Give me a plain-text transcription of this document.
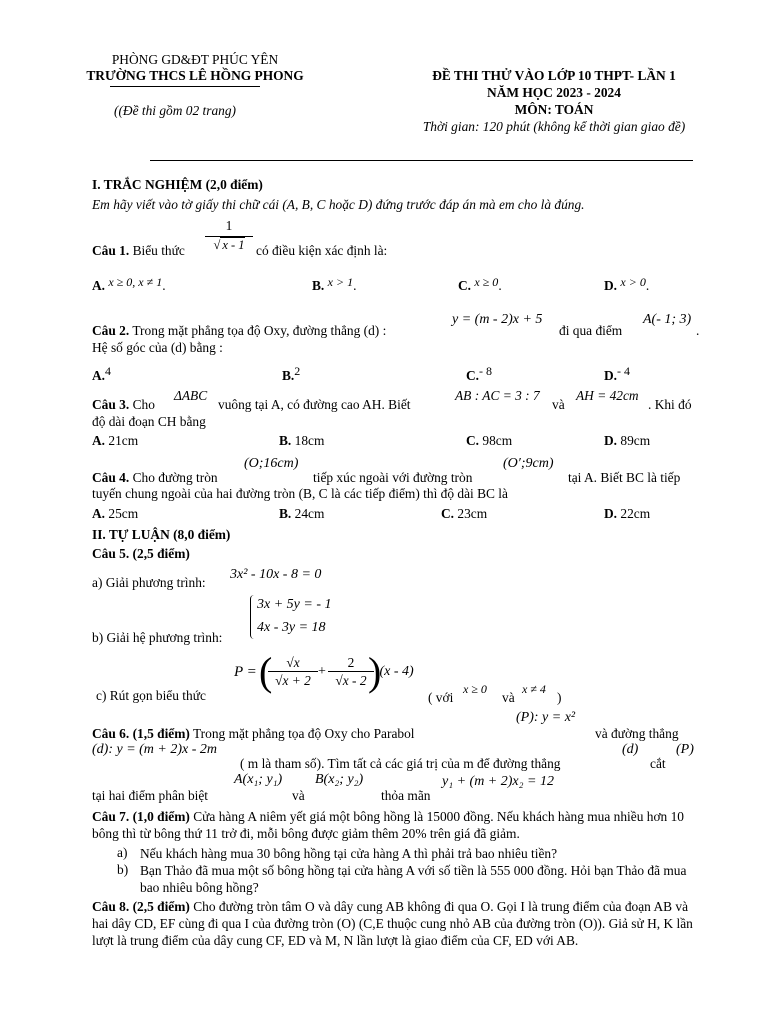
PHÒNG GD&ĐT PHÚC YÊN
TRƯỜNG THCS LÊ HỒNG PHONG
((Đề thi gồm 02 trang)
ĐỀ THI THỬ VÀO LỚP 10 THPT- LẦN 1
NĂM HỌC 2023 - 2024
MÔN: TOÁN
Thời gian: 120 phút (không kể thời gian giao đề)
I. TRẮC NGHIỆM (2,0 điểm)
Em hãy viết vào tờ giấy thi chữ cái (A, B, C hoặc D) đứng trước đáp án mà em cho là đúng.
Câu 1. Biểu thức $\frac{1}{√ x - 1}$ có điều kiện xác định là:
A. x ≥ 0, x ≠ 1.	B. x > 1.	C. x ≥ 0.	D. x > 0.
Câu 2. Trong mặt phẳng tọa độ Oxy, đường thẳng (d) :
y = (m - 2)x + 5
đi qua điểm
A(- 1; 3)
.
Hệ số góc của (d) bằng :
A.4	B.2	C.- 8	D.- 4
Câu 3. Cho
ΔABC
vuông tại A, có đường cao AH. Biết
AB : AC = 3 : 7
và
AH = 42cm
. Khi đó
độ dài đoạn CH bằng
A. 21cm	B. 18cm	C. 98cm	D. 89cm
Câu 4. Cho đường tròn
(O;16cm)
tiếp xúc ngoài với đường tròn
(O′;9cm)
tại A. Biết BC là tiếp
tuyến chung ngoài của hai đường tròn (B, C là các tiếp điểm) thì độ dài BC là
A. 25cm	B. 24cm	C. 23cm	D. 22cm
II. TỰ LUẬN (8,0 điểm)
Câu 5. (2,5 điểm)
a) Giải phương trình:
3x² - 10x - 8 = 0
b) Giải hệ phương trình:
3x + 5y = - 1
4x - 3y = 18
c) Rút gọn biểu thức
P = (
$\frac{√x}{√x + 2} + \frac{2}{√x - 2}$
)
.(x - 4)
( với
x ≥ 0
và
x ≠ 4
)
Câu 6. (1,5 điểm) Trong mặt phẳng tọa độ Oxy cho Parabol
(P): y = x²
và đường thẳng
(d): y = (m + 2)x - 2m
( m là tham số). Tìm tất cả các giá trị của m để đường thẳng
(d)
cắt
(P)
tại hai điểm phân biệt
A(x₁; y₁)
và
B(x₂; y₂)
thỏa mãn
y₁ + (m + 2)x₂ = 12
Câu 7. (1,0 điểm) Cửa hàng A niêm yết giá một bông hồng là 15000 đồng. Nếu khách hàng mua nhiều hơn 10 bông thì từ bông thứ 11 trở đi, mỗi bông được giảm thêm 20% trên giá đã giảm.
a) Nếu khách hàng mua 30 bông hồng tại cửa hàng A thì phải trả bao nhiêu tiền?
b) Bạn Thảo đã mua một số bông hồng tại cửa hàng A với số tiền là 555 000 đồng. Hỏi bạn Thảo đã mua bao nhiêu bông hồng?
Câu 8. (2,5 điểm) Cho đường tròn tâm O và dây cung AB không đi qua O. Gọi I là trung điểm của đoạn AB và hai dây CD, EF cùng đi qua I của đường tròn (O) (C,E thuộc cung nhỏ AB của đường tròn (O)). Giả sử H, K lần lượt là trung điểm của dây cung CF, ED và M, N lần lượt là giao điểm của CF, ED với AB.
